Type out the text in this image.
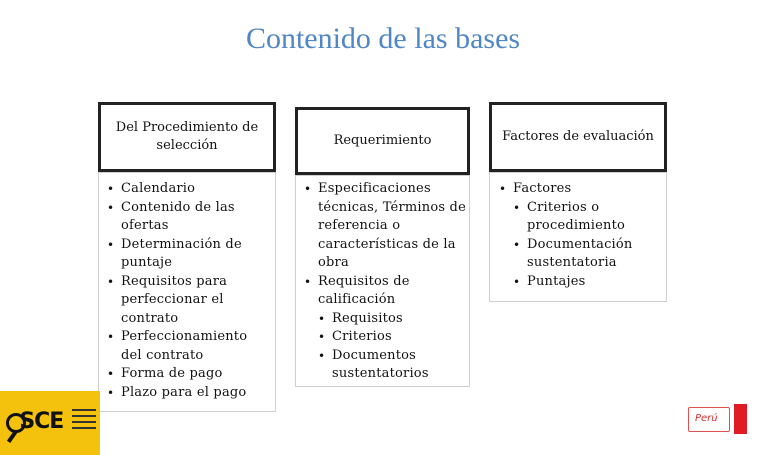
Contenido de las bases
Del Procedimiento de selección	Requerimiento	Factores de evaluación
• Calendario
• Contenido de las ofertas
• Determinación de puntaje
• Requisitos para perfeccionar el contrato
• Perfeccionamiento del contrato
• Forma de pago
• Plazo para el pago
• Especificaciones técnicas, Términos de referencia o características de la obra
• Requisitos de calificación
• Requisitos
• Criterios
• Documentos sustentatorios
• Factores
• Criterios o procedimiento
• Documentación sustentatoria
• Puntajes
SCE	Perú
